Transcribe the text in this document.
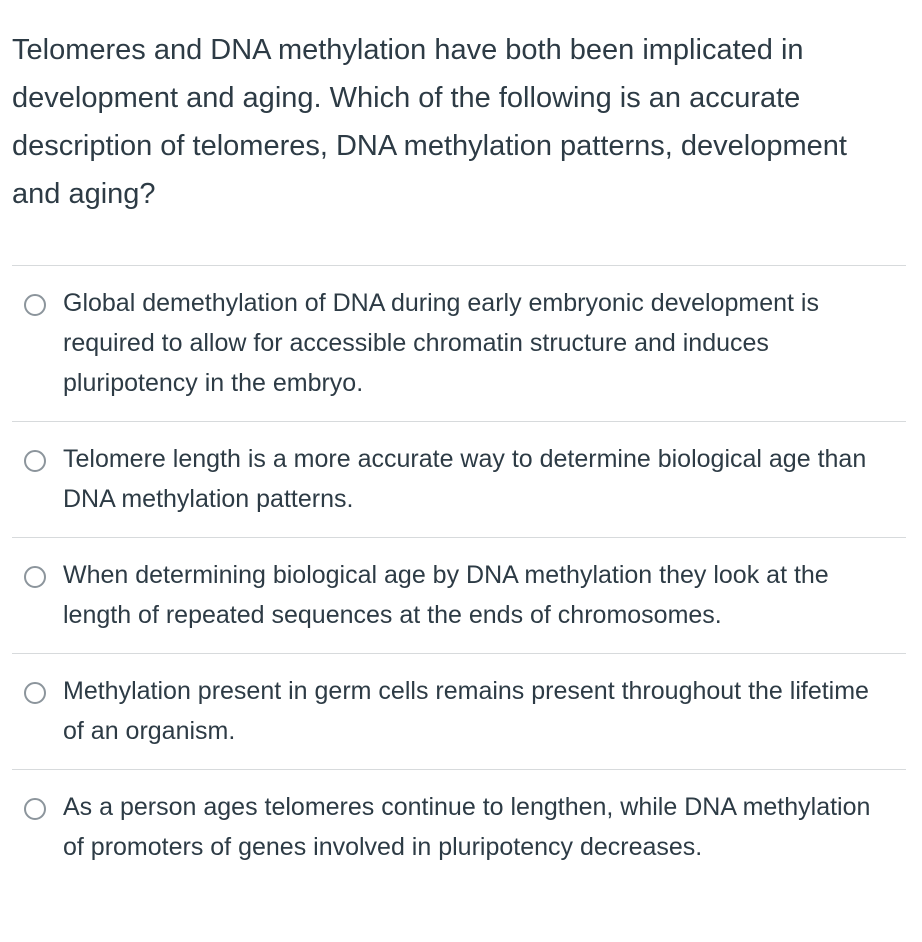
Telomeres and DNA methylation have both been implicated in development and aging. Which of the following is an accurate description of telomeres, DNA methylation patterns, development and aging?

Global demethylation of DNA during early embryonic development is required to allow for accessible chromatin structure and induces pluripotency in the embryo.
Telomere length is a more accurate way to determine biological age than DNA methylation patterns.
When determining biological age by DNA methylation they look at the length of repeated sequences at the ends of chromosomes.
Methylation present in germ cells remains present throughout the lifetime of an organism.
As a person ages telomeres continue to lengthen, while DNA methylation of promoters of genes involved in pluripotency decreases.
